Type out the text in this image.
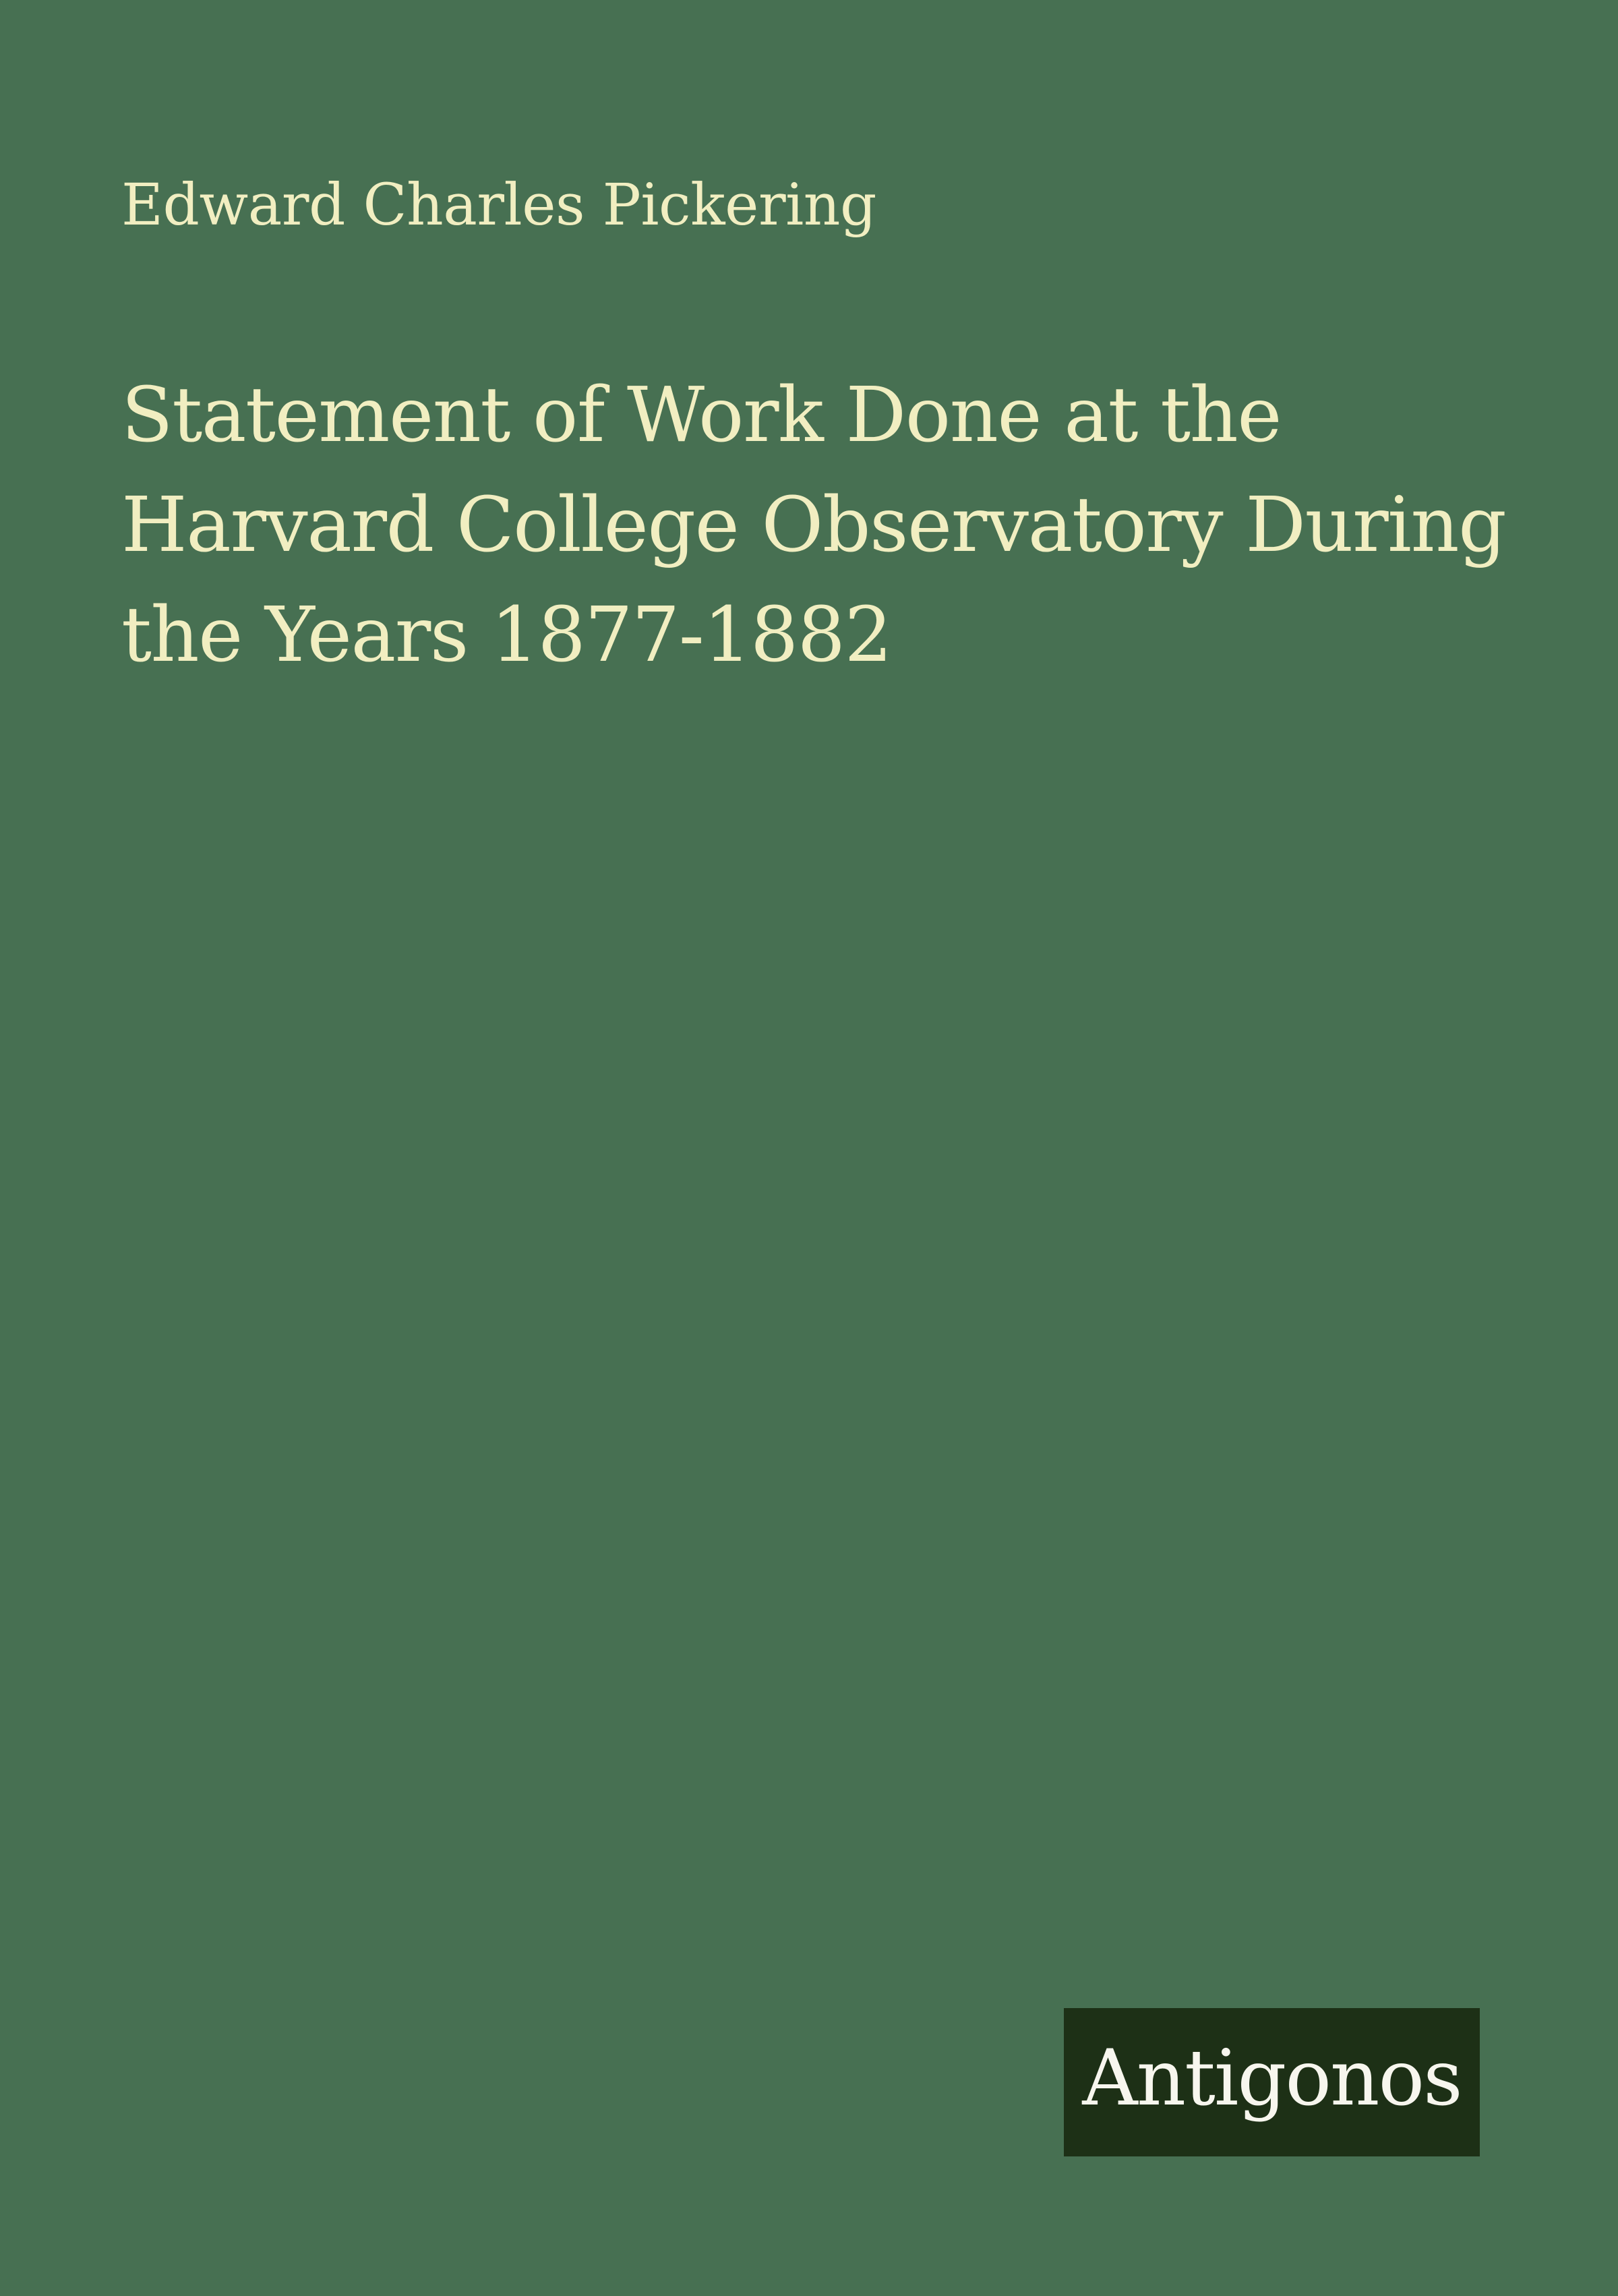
Edward Charles Pickering
Statement of Work Done at the
Harvard College Observatory During
the Years 1877-1882
Antigonos
